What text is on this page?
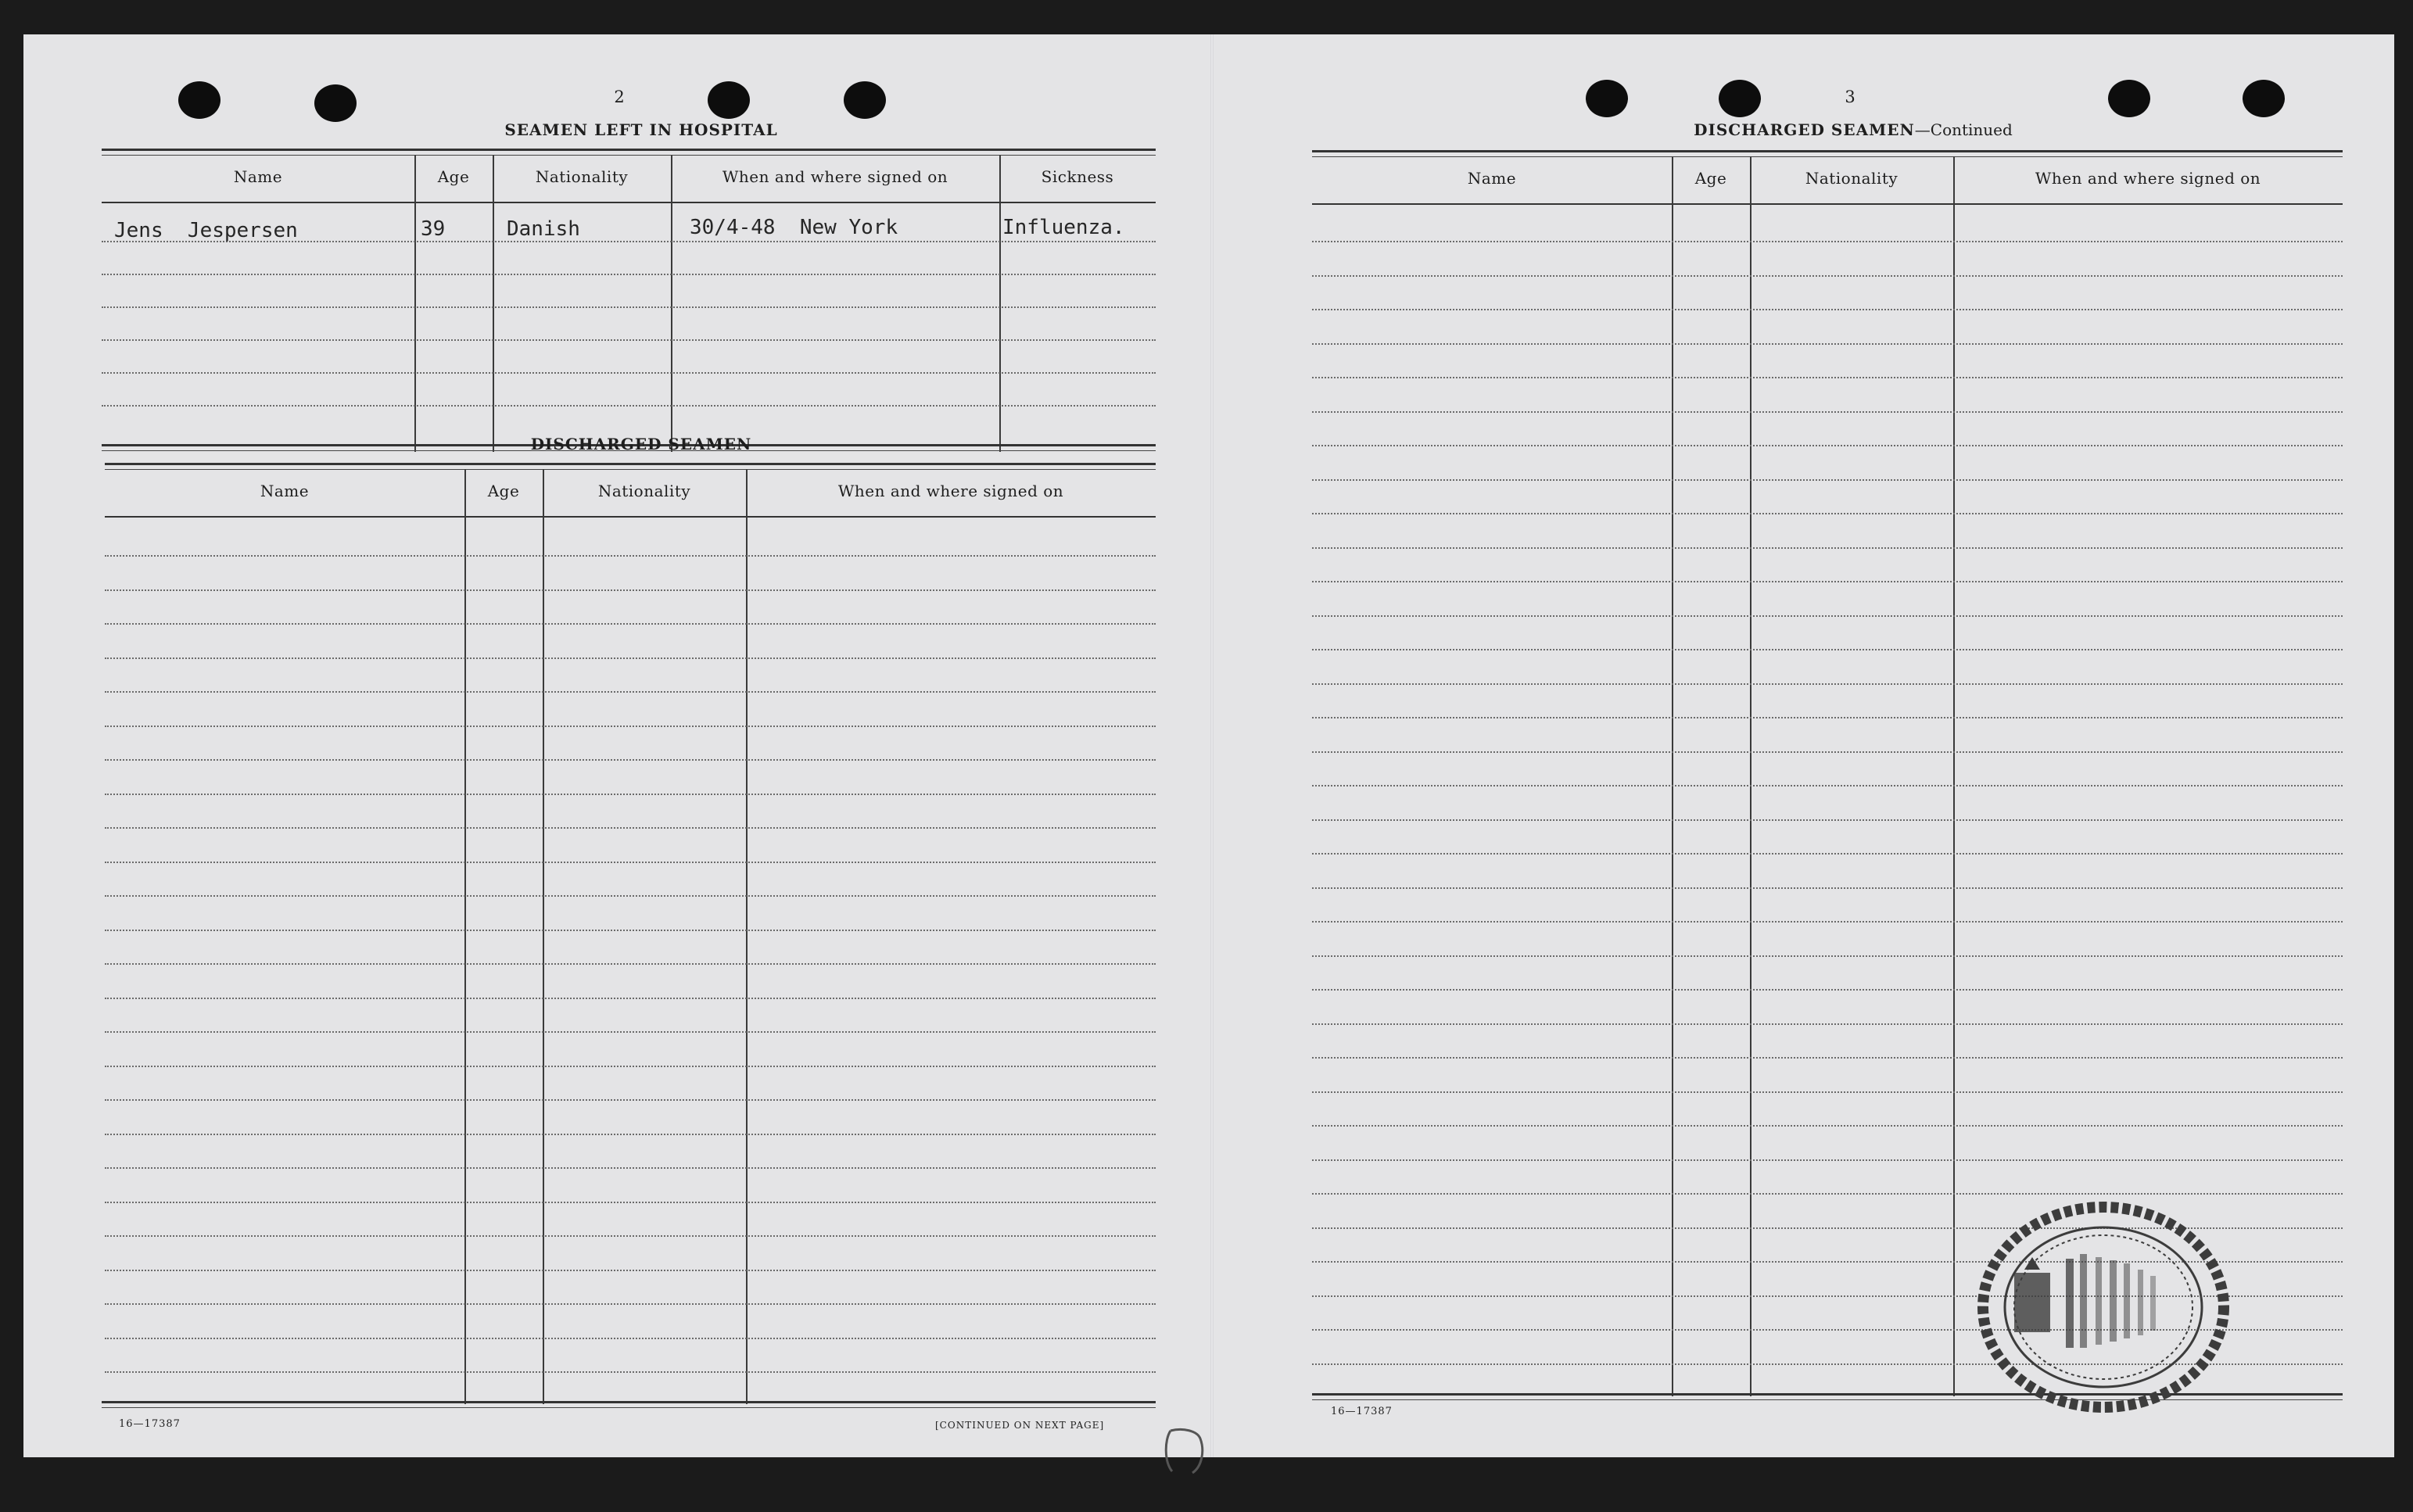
2
SEAMEN LEFT IN HOSPITAL
Name	Age	Nationality	When and where signed on	Sickness
Jens  Jespersen	39	Danish	30/4-48  New York	Influenza.
DISCHARGED SEAMEN
Name	Age	Nationality	When and where signed on
16—17387	[CONTINUED ON NEXT PAGE]
3
DISCHARGED SEAMEN—Continued
Name	Age	Nationality	When and where signed on
16—17387
